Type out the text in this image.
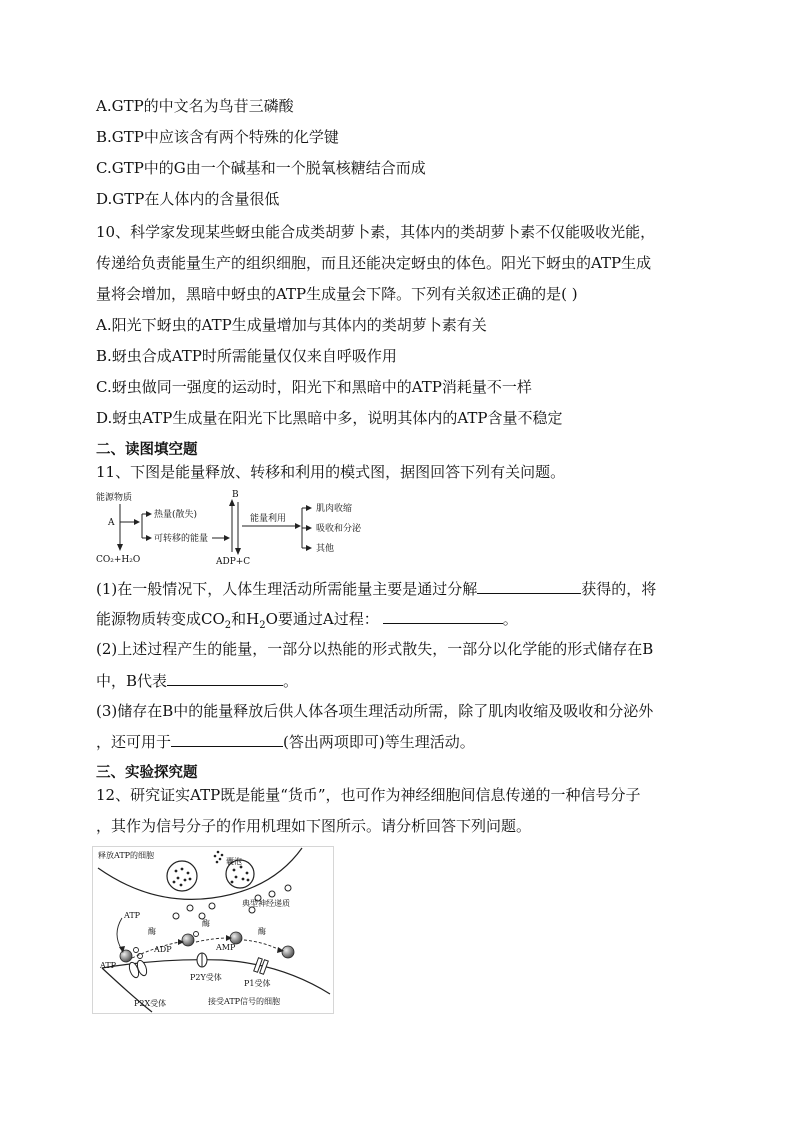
A.GTP的中文名为鸟苷三磷酸
B.GTP中应该含有两个特殊的化学键
C.GTP中的G由一个碱基和一个脱氧核糖结合而成
D.GTP在人体内的含量很低
10、科学家发现某些蚜虫能合成类胡萝卜素，其体内的类胡萝卜素不仅能吸收光能，
传递给负责能量生产的组织细胞，而且还能决定蚜虫的体色。阳光下蚜虫的ATP生成
量将会增加，黑暗中蚜虫的ATP生成量会下降。下列有关叙述正确的是( )
A.阳光下蚜虫的ATP生成量增加与其体内的类胡萝卜素有关
B.蚜虫合成ATP时所需能量仅仅来自呼吸作用
C.蚜虫做同一强度的运动时，阳光下和黑暗中的ATP消耗量不一样
D.蚜虫ATP生成量在阳光下比黑暗中多，说明其体内的ATP含量不稳定
二、读图填空题
11、下图是能量释放、转移和利用的模式图，据图回答下列有关问题。
能源物质
A
热量(散失)
可转移的能量
CO₂+H₂O
B
ADP+C
能量利用
肌肉收缩
吸收和分泌
其他
(1)在一般情况下，人体生理活动所需能量主要是通过分解	获得的，将
能源物质转变成$CO_2$和$H_2O$要通过A过程：	。
(2)上述过程产生的能量，一部分以热能的形式散失，一部分以化学能的形式储存在B
中，B代表	。
(3)储存在B中的能量释放后供人体各项生理活动所需，除了肌肉收缩及吸收和分泌外
，还可用于	(答出两项即可)等生理活动。
三、实验探究题
12、研究证实ATP既是能量“货币”，也可作为神经细胞间信息传递的一种信号分子
，其作为信号分子的作用机理如下图所示。请分析回答下列问题。
释放ATP的细胞
囊泡
典型神经递质
ATP
酶
酶
酶
ADP	AMP
ATP
P2Y受体
P1受体
P2X受体	接受ATP信号的细胞
